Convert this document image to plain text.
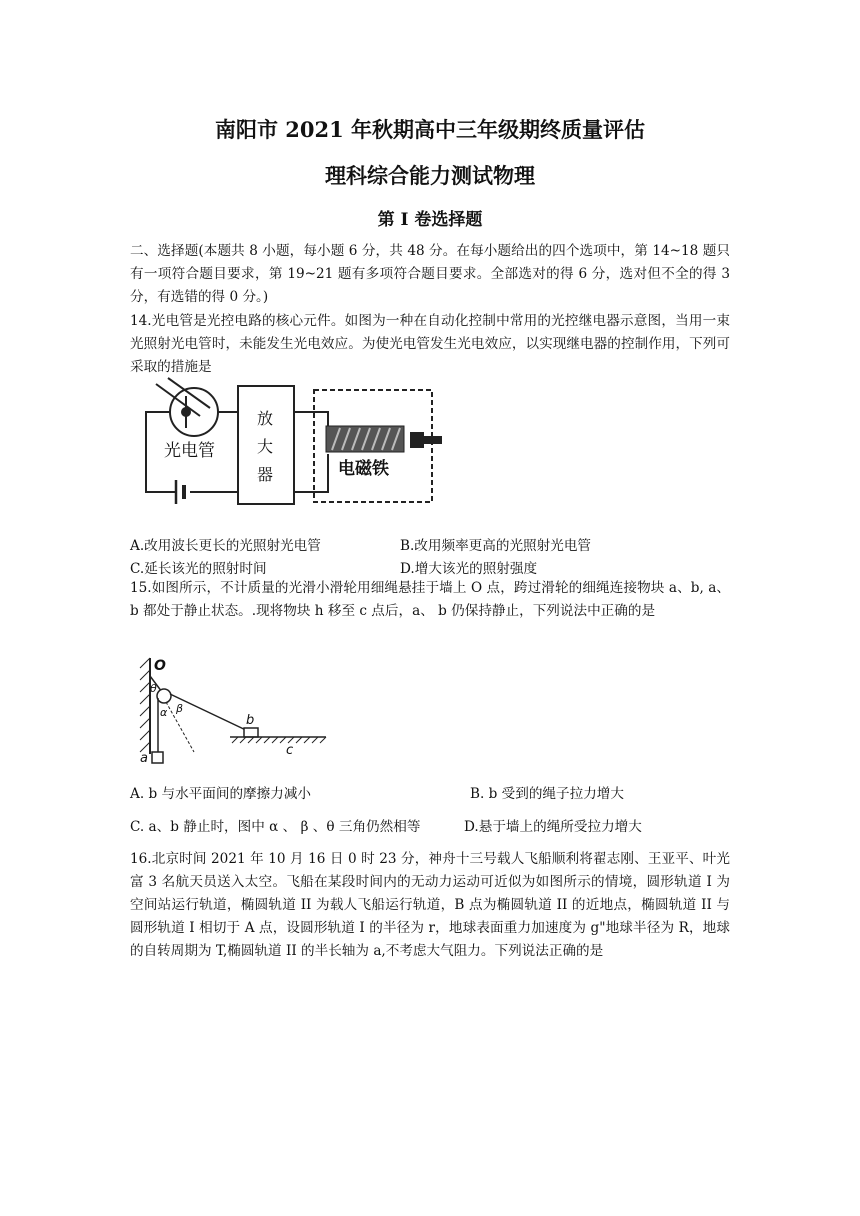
南阳市 2021 年秋期高中三年级期终质量评估
理科综合能力测试物理
第 I 卷选择题
二、选择题(本题共 8 小题，每小题 6 分，共 48 分。在每小题给出的四个选项中，第 14~18 题只有一项符合题目要求，第 19~21 题有多项符合题目要求。全部选对的得 6 分，选对但不全的得 3 分，有选错的得 0 分。)
14.光电管是光控电路的核心元件。如图为一种在自动化控制中常用的光控继电器示意图，当用一束光照射光电管时，未能发生光电效应。为使光电管发生光电效应，以实现继电器的控制作用，下列可采取的措施是
光电管
放
大
器	电磁铁
A.改用波长更长的光照射光电管	B.改用频率更高的光照射光电管
C.延长该光的照射时间	D.增大该光的照射强度
15.如图所示，不计质量的光滑小滑轮用细绳悬挂于墙上 O 点，跨过滑轮的细绳连接物块 a、b, a、 b 都处于静止状态。.现将物块 h 移至 c 点后，a、 b 仍保持静止，下列说法中正确的是
O
θ
α β
a
b
c
A. b 与水平面间的摩擦力减小	B. b 受到的绳子拉力增大
C. a、b 静止时，图中 α 、 β 、θ 三角仍然相等	D.悬于墙上的绳所受拉力增大
16.北京时间 2021 年 10 月 16 日 0 时 23 分，神舟十三号载人飞船顺利将翟志刚、王亚平、叶光富 3 名航天员送入太空。飞船在某段时间内的无动力运动可近似为如图所示的情境，圆形轨道 I 为空间站运行轨道，椭圆轨道 II 为载人飞船运行轨道，B 点为椭圆轨道 II 的近地点，椭圆轨道 II 与圆形轨道 I 相切于 A 点，设圆形轨道 I 的半径为 r，地球表面重力加速度为 g"地球半径为 R，地球的自转周期为 T,椭圆轨道 II 的半长轴为 a,不考虑大气阻力。下列说法正确的是
